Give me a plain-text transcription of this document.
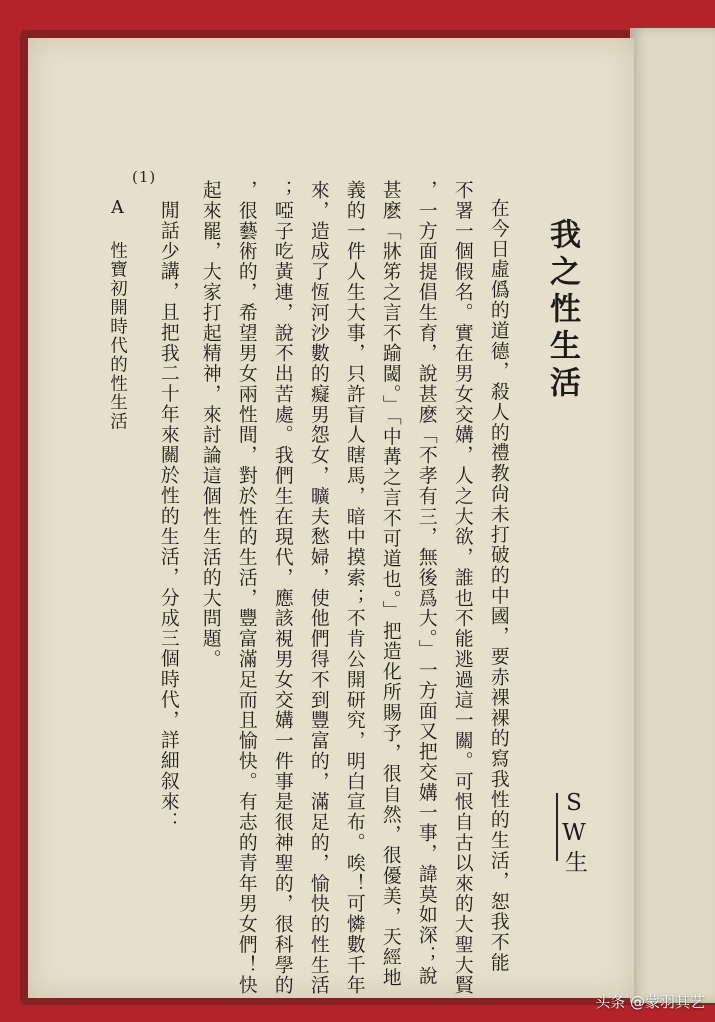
我之性生活
SW生
在今日虛僞的道德，殺人的禮教尙未打破的中國，要赤裸裸的寫我性的生活，恕我不能
不署一個假名。實在男女交媾，人之大欲，誰也不能逃過這一關。可恨自古以來的大聖大賢
，一方面提倡生育，說甚麽「不孝有三，無後爲大。」一方面又把交媾一事，諱莫如深；說
甚麽「牀笫之言不踰閾。」「中冓之言不可道也。」把造化所賜予，很自然，很優美，天經地
義的一件人生大事，只許盲人瞎馬，暗中摸索；不肯公開研究，明白宣布。唉！可憐數千年
來，造成了恆河沙數的癡男怨女，曠夫愁婦，使他們得不到豐富的，滿足的，愉快的性生活
；啞子吃黃連，說不出苦處。我們生在現代，應該視男女交媾一件事是很神聖的，很科學的
，很藝術的，希望男女兩性間，對於性的生活，豐富滿足而且愉快。有志的青年男女們！快
起來罷，大家打起精神，來討論這個性生活的大問題。
閒話少講，且把我二十年來關於性的生活，分成三個時代，詳細叙來：
A 性寶初開時代的性生活
(1)
头条 @蒙羽其艺
